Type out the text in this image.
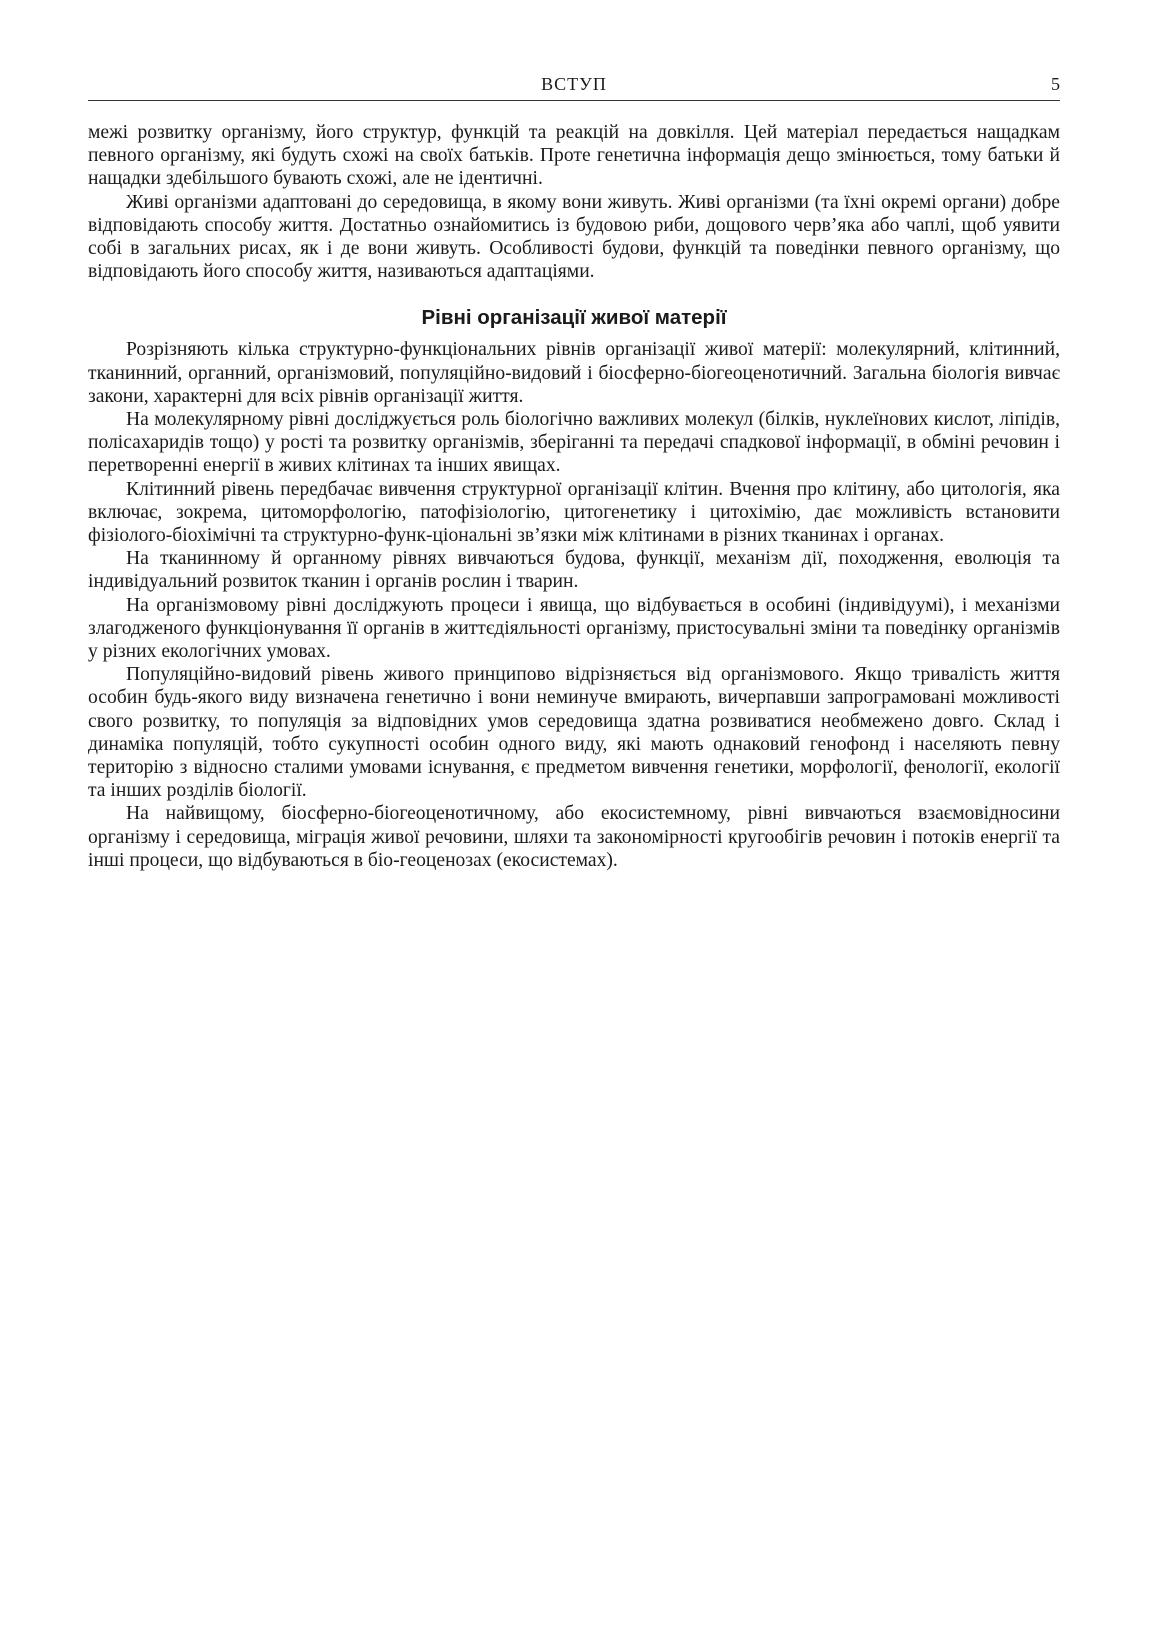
ВСТУП	5

межі розвитку організму, його структур, функцій та реакцій на довкілля. Цей матеріал передається нащадкам певного організму, які будуть схожі на своїх батьків. Проте генетична інформація дещо змінюється, тому батьки й нащадки здебільшого бувають схожі, але не ідентичні.

Живі організми адаптовані до середовища, в якому вони живуть. Живі організми (та їхні окремі органи) добре відповідають способу життя. Достатньо ознайомитись із будовою риби, дощового черв’яка або чаплі, щоб уявити собі в загальних рисах, як і де вони живуть. Особливості будови, функцій та поведінки певного організму, що відповідають його способу життя, називаються адаптаціями.

Рівні організації живої матерії

Розрізняють кілька структурно-функціональних рівнів організації живої матерії: молекулярний, клітинний, тканинний, органний, організмовий, популяційно-видовий і біосферно-біогеоценотичний. Загальна біологія вивчає закони, характерні для всіх рівнів організації життя.

На молекулярному рівні досліджується роль біологічно важливих молекул (білків, нуклеїнових кислот, ліпідів, полісахаридів тощо) у рості та розвитку організмів, зберіганні та передачі спадкової інформації, в обміні речовин і перетворенні енергії в живих клітинах та інших явищах.

Клітинний рівень передбачає вивчення структурної організації клітин. Вчення про клітину, або цитологія, яка включає, зокрема, цитоморфологію, патофізіологію, цитогенетику і цитохімію, дає можливість встановити фізіолого-біохімічні та структурно-функ-ціональні зв’язки між клітинами в різних тканинах і органах.

На тканинному й органному рівнях вивчаються будова, функції, механізм дії, походження, еволюція та індивідуальний розвиток тканин і органів рослин і тварин.

На організмовому рівні досліджують процеси і явища, що відбувається в особині (індивідуумі), і механізми злагодженого функціонування її органів в життєдіяльності організму, пристосувальні зміни та поведінку організмів у різних екологічних умовах.

Популяційно-видовий рівень живого принципово відрізняється від організмового. Якщо тривалість життя особин будь-якого виду визначена генетично і вони неминуче вмирають, вичерпавши запрограмовані можливості свого розвитку, то популяція за відповідних умов середовища здатна розвиватися необмежено довго. Склад і динаміка популяцій, тобто сукупності особин одного виду, які мають однаковий генофонд і населяють певну територію з відносно сталими умовами існування, є предметом вивчення генетики, морфології, фенології, екології та інших розділів біології.

На найвищому, біосферно-біогеоценотичному, або екосистемному, рівні вивчаються взаємовідносини організму і середовища, міграція живої речовини, шляхи та закономірності кругообігів речовин і потоків енергії та інші процеси, що відбуваються в біо-геоценозах (екосистемах).
